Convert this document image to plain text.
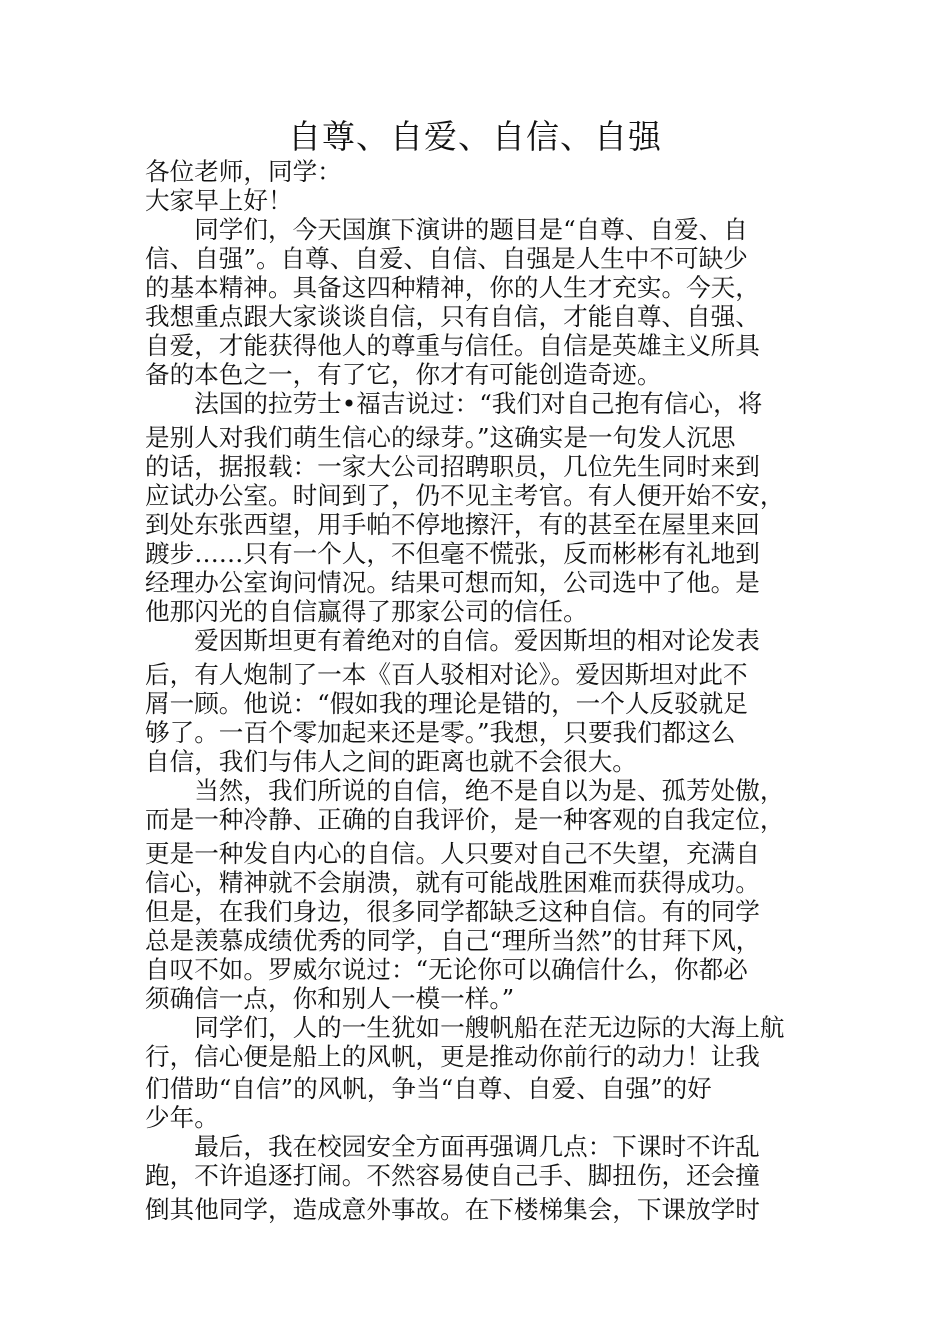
自尊、自爱、自信、自强
各位老师，同学：
大家早上好！
　　同学们，今天国旗下演讲的题目是“自尊、自爱、自
信、自强”。自尊、自爱、自信、自强是人生中不可缺少
的基本精神。具备这四种精神，你的人生才充实。今天，
我想重点跟大家谈谈自信，只有自信，才能自尊、自强、
自爱，才能获得他人的尊重与信任。自信是英雄主义所具
备的本色之一，有了它，你才有可能创造奇迹。
　　法国的拉劳士•福吉说过：“我们对自己抱有信心，将
是别人对我们萌生信心的绿芽。”这确实是一句发人沉思
的话，据报载：一家大公司招聘职员，几位先生同时来到
应试办公室。时间到了，仍不见主考官。有人便开始不安，
到处东张西望，用手帕不停地擦汗，有的甚至在屋里来回
踱步……只有一个人，不但毫不慌张，反而彬彬有礼地到
经理办公室询问情况。结果可想而知，公司选中了他。是
他那闪光的自信赢得了那家公司的信任。
　　爱因斯坦更有着绝对的自信。爱因斯坦的相对论发表
后，有人炮制了一本《百人驳相对论》。爱因斯坦对此不
屑一顾。他说：“假如我的理论是错的，一个人反驳就足
够了。一百个零加起来还是零。”我想，只要我们都这么
自信，我们与伟人之间的距离也就不会很大。
　　当然，我们所说的自信，绝不是自以为是、孤芳处傲，
而是一种冷静、正确的自我评价，是一种客观的自我定位，
更是一种发自内心的自信。人只要对自己不失望，充满自
信心，精神就不会崩溃，就有可能战胜困难而获得成功。
但是，在我们身边，很多同学都缺乏这种自信。有的同学
总是羡慕成绩优秀的同学，自己“理所当然”的甘拜下风，
自叹不如。罗威尔说过：“无论你可以确信什么，你都必
须确信一点，你和别人一模一样。”
　　同学们，人的一生犹如一艘帆船在茫无边际的大海上航
行，信心便是船上的风帆，更是推动你前行的动力！让我
们借助“自信”的风帆，争当“自尊、自爱、自强”的好
少年。
　　最后，我在校园安全方面再强调几点：下课时不许乱
跑，不许追逐打闹。不然容易使自己手、脚扭伤，还会撞
倒其他同学，造成意外事故。在下楼梯集会，下课放学时
